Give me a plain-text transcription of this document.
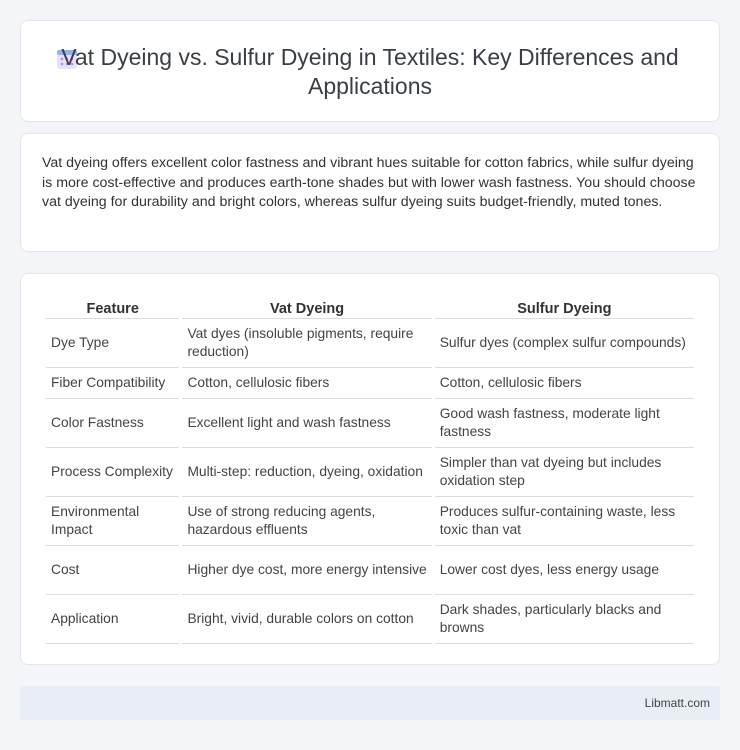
Vat Dyeing vs. Sulfur Dyeing in Textiles: Key Differences and Applications

Vat dyeing offers excellent color fastness and vibrant hues suitable for cotton fabrics, while sulfur dyeing is more cost-effective and produces earth-tone shades but with lower wash fastness. You should choose vat dyeing for durability and bright colors, whereas sulfur dyeing suits budget-friendly, muted tones.

Feature	Vat Dyeing	Sulfur Dyeing
Dye Type	Vat dyes (insoluble pigments, require reduction)	Sulfur dyes (complex sulfur compounds)
Fiber Compatibility	Cotton, cellulosic fibers	Cotton, cellulosic fibers
Color Fastness	Excellent light and wash fastness	Good wash fastness, moderate light fastness
Process Complexity	Multi-step: reduction, dyeing, oxidation	Simpler than vat dyeing but includes oxidation step
Environmental Impact	Use of strong reducing agents, hazardous effluents	Produces sulfur-containing waste, less toxic than vat
Cost	Higher dye cost, more energy intensive	Lower cost dyes, less energy usage
Application	Bright, vivid, durable colors on cotton	Dark shades, particularly blacks and browns
Libmatt.com
